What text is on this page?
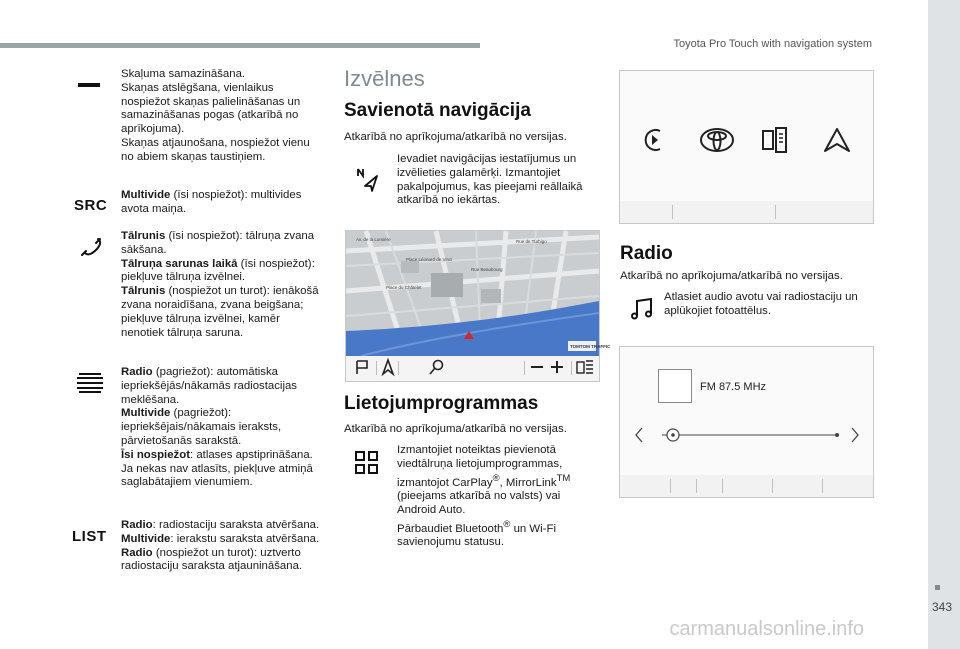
Toyota Pro Touch with navigation system
343
Skaļuma samazināšana.
Skaņas atslēgšana, vienlaikus nospiežot skaņas palielināšanas un samazināšanas pogas (atkarībā no aprīkojuma).
Skaņas atjaunošana, nospiežot vienu no abiem skaņas taustiņiem.
SRC
Multivide (īsi nospiežot): multivides avota maiņa.
Tālrunis (īsi nospiežot): tālruņa zvana sākšana.
Tālruņa sarunas laikā (īsi nospiežot): piekļuve tālruņa izvēlnei.
Tālrunis (nospiežot un turot): ienākošā zvana noraidīšana, zvana beigšana; piekļuve tālruņa izvēlnei, kamēr nenotiek tālruņa saruna.
Radio (pagriežot): automātiska iepriekšējās/nākamās radiostacijas meklēšana.
Multivide (pagriežot): iepriekšējais/nākamais ieraksts, pārvietošanās sarakstā.
Īsi nospiežot: atlases apstiprināšana. Ja nekas nav atlasīts, piekļuve atmiņā saglabātajiem vienumiem.
LIST
Radio: radiostaciju saraksta atvēršana.
Multivide: ierakstu saraksta atvēršana.
Radio (nospiežot un turot): uztverto radiostaciju saraksta atjaunināšana.
Izvēlnes
Savienotā navigācija
Atkarībā no aprīkojuma/atkarībā no versijas.
Ievadiet navigācijas iestatījumus un izvēlieties galamērķi. Izmantojiet pakalpojumus, kas pieejami reāllaikā atkarībā no iekārtas.
Av. de la Lumière
Place Léonard de Vinci
Rue de Turbigo
Rue Beaubourg
Place du Châtelet
TOMTOM TRAFFIC
Lietojumprogrammas
Atkarībā no aprīkojuma/atkarībā no versijas.
Izmantojiet noteiktas pievienotā viedtālruņa lietojumprogrammas, izmantojot CarPlay®, MirrorLink™ (pieejams atkarībā no valsts) vai Android Auto.
Pārbaudiet Bluetooth® un Wi-Fi savienojumu statusu.
Radio
Atkarībā no aprīkojuma/atkarībā no versijas.
Atlasiet audio avotu vai radiostaciju un aplūkojiet fotoattēlus.
FM 87.5 MHz
carmanualsonline.info
